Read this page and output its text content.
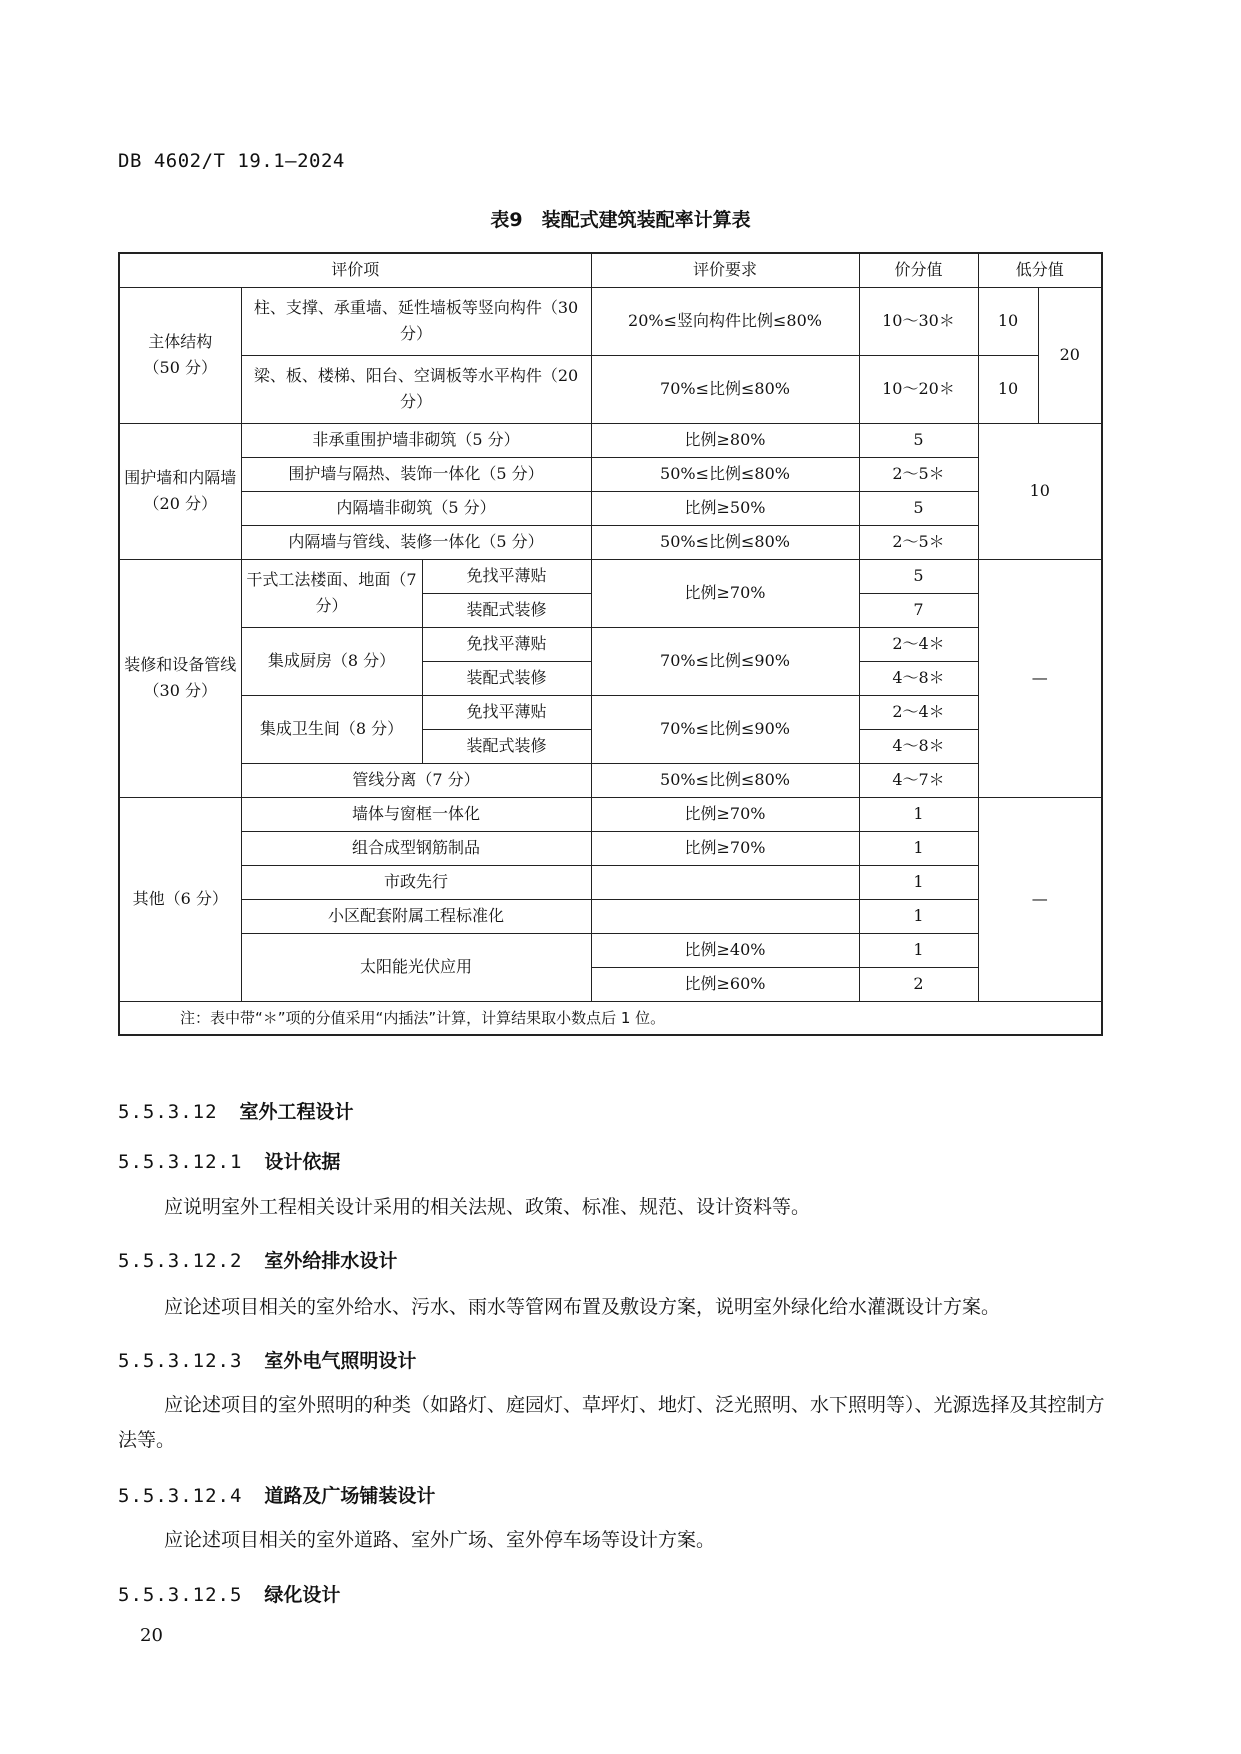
DB 4602/T 19.1—2024
表9　装配式建筑装配率计算表
评价项			评价要求	价分值	低分值	
主体结构
（50 分）	柱、支撑、承重墙、延性墙板等竖向构件（30 分）		20%≤竖向构件比例≤80%	10～30＊	10	20
	梁、板、楼梯、阳台、空调板等水平构件（20 分）		70%≤比例≤80%	10～20＊	10	
围护墙和内隔墙
（20 分）	非承重围护墙非砌筑（5 分）		比例≥80%	5	10	
	围护墙与隔热、装饰一体化（5 分）		50%≤比例≤80%	2～5＊		
	内隔墙非砌筑（5 分）		比例≥50%	5		
	内隔墙与管线、装修一体化（5 分）		50%≤比例≤80%	2～5＊		
装修和设备管线
（30 分）	干式工法楼面、地面（7 分）	免找平薄贴	比例≥70%	5	—	
		装配式装修		7		
	集成厨房（8 分）	免找平薄贴	70%≤比例≤90%	2～4＊		
		装配式装修		4～8＊		
	集成卫生间（8 分）	免找平薄贴	70%≤比例≤90%	2～4＊		
		装配式装修		4～8＊		
	管线分离（7 分）		50%≤比例≤80%	4～7＊		
其他（6 分）	墙体与窗框一体化		比例≥70%	1	—	
	组合成型钢筋制品		比例≥70%	1		
	市政先行			1		
	小区配套附属工程标准化			1		
	太阳能光伏应用		比例≥40%	1		
			比例≥60%	2		
注：表中带“＊”项的分值采用“内插法”计算，计算结果取小数点后 1 位。						
5.5.3.12 室外工程设计
5.5.3.12.1 设计依据
应说明室外工程相关设计采用的相关法规、政策、标准、规范、设计资料等。
5.5.3.12.2 室外给排水设计
应论述项目相关的室外给水、污水、雨水等管网布置及敷设方案，说明室外绿化给水灌溉设计方案。
5.5.3.12.3 室外电气照明设计
应论述项目的室外照明的种类（如路灯、庭园灯、草坪灯、地灯、泛光照明、水下照明等）、光源选择及其控制方法等。
5.5.3.12.4 道路及广场铺装设计
应论述项目相关的室外道路、室外广场、室外停车场等设计方案。
5.5.3.12.5 绿化设计
20
